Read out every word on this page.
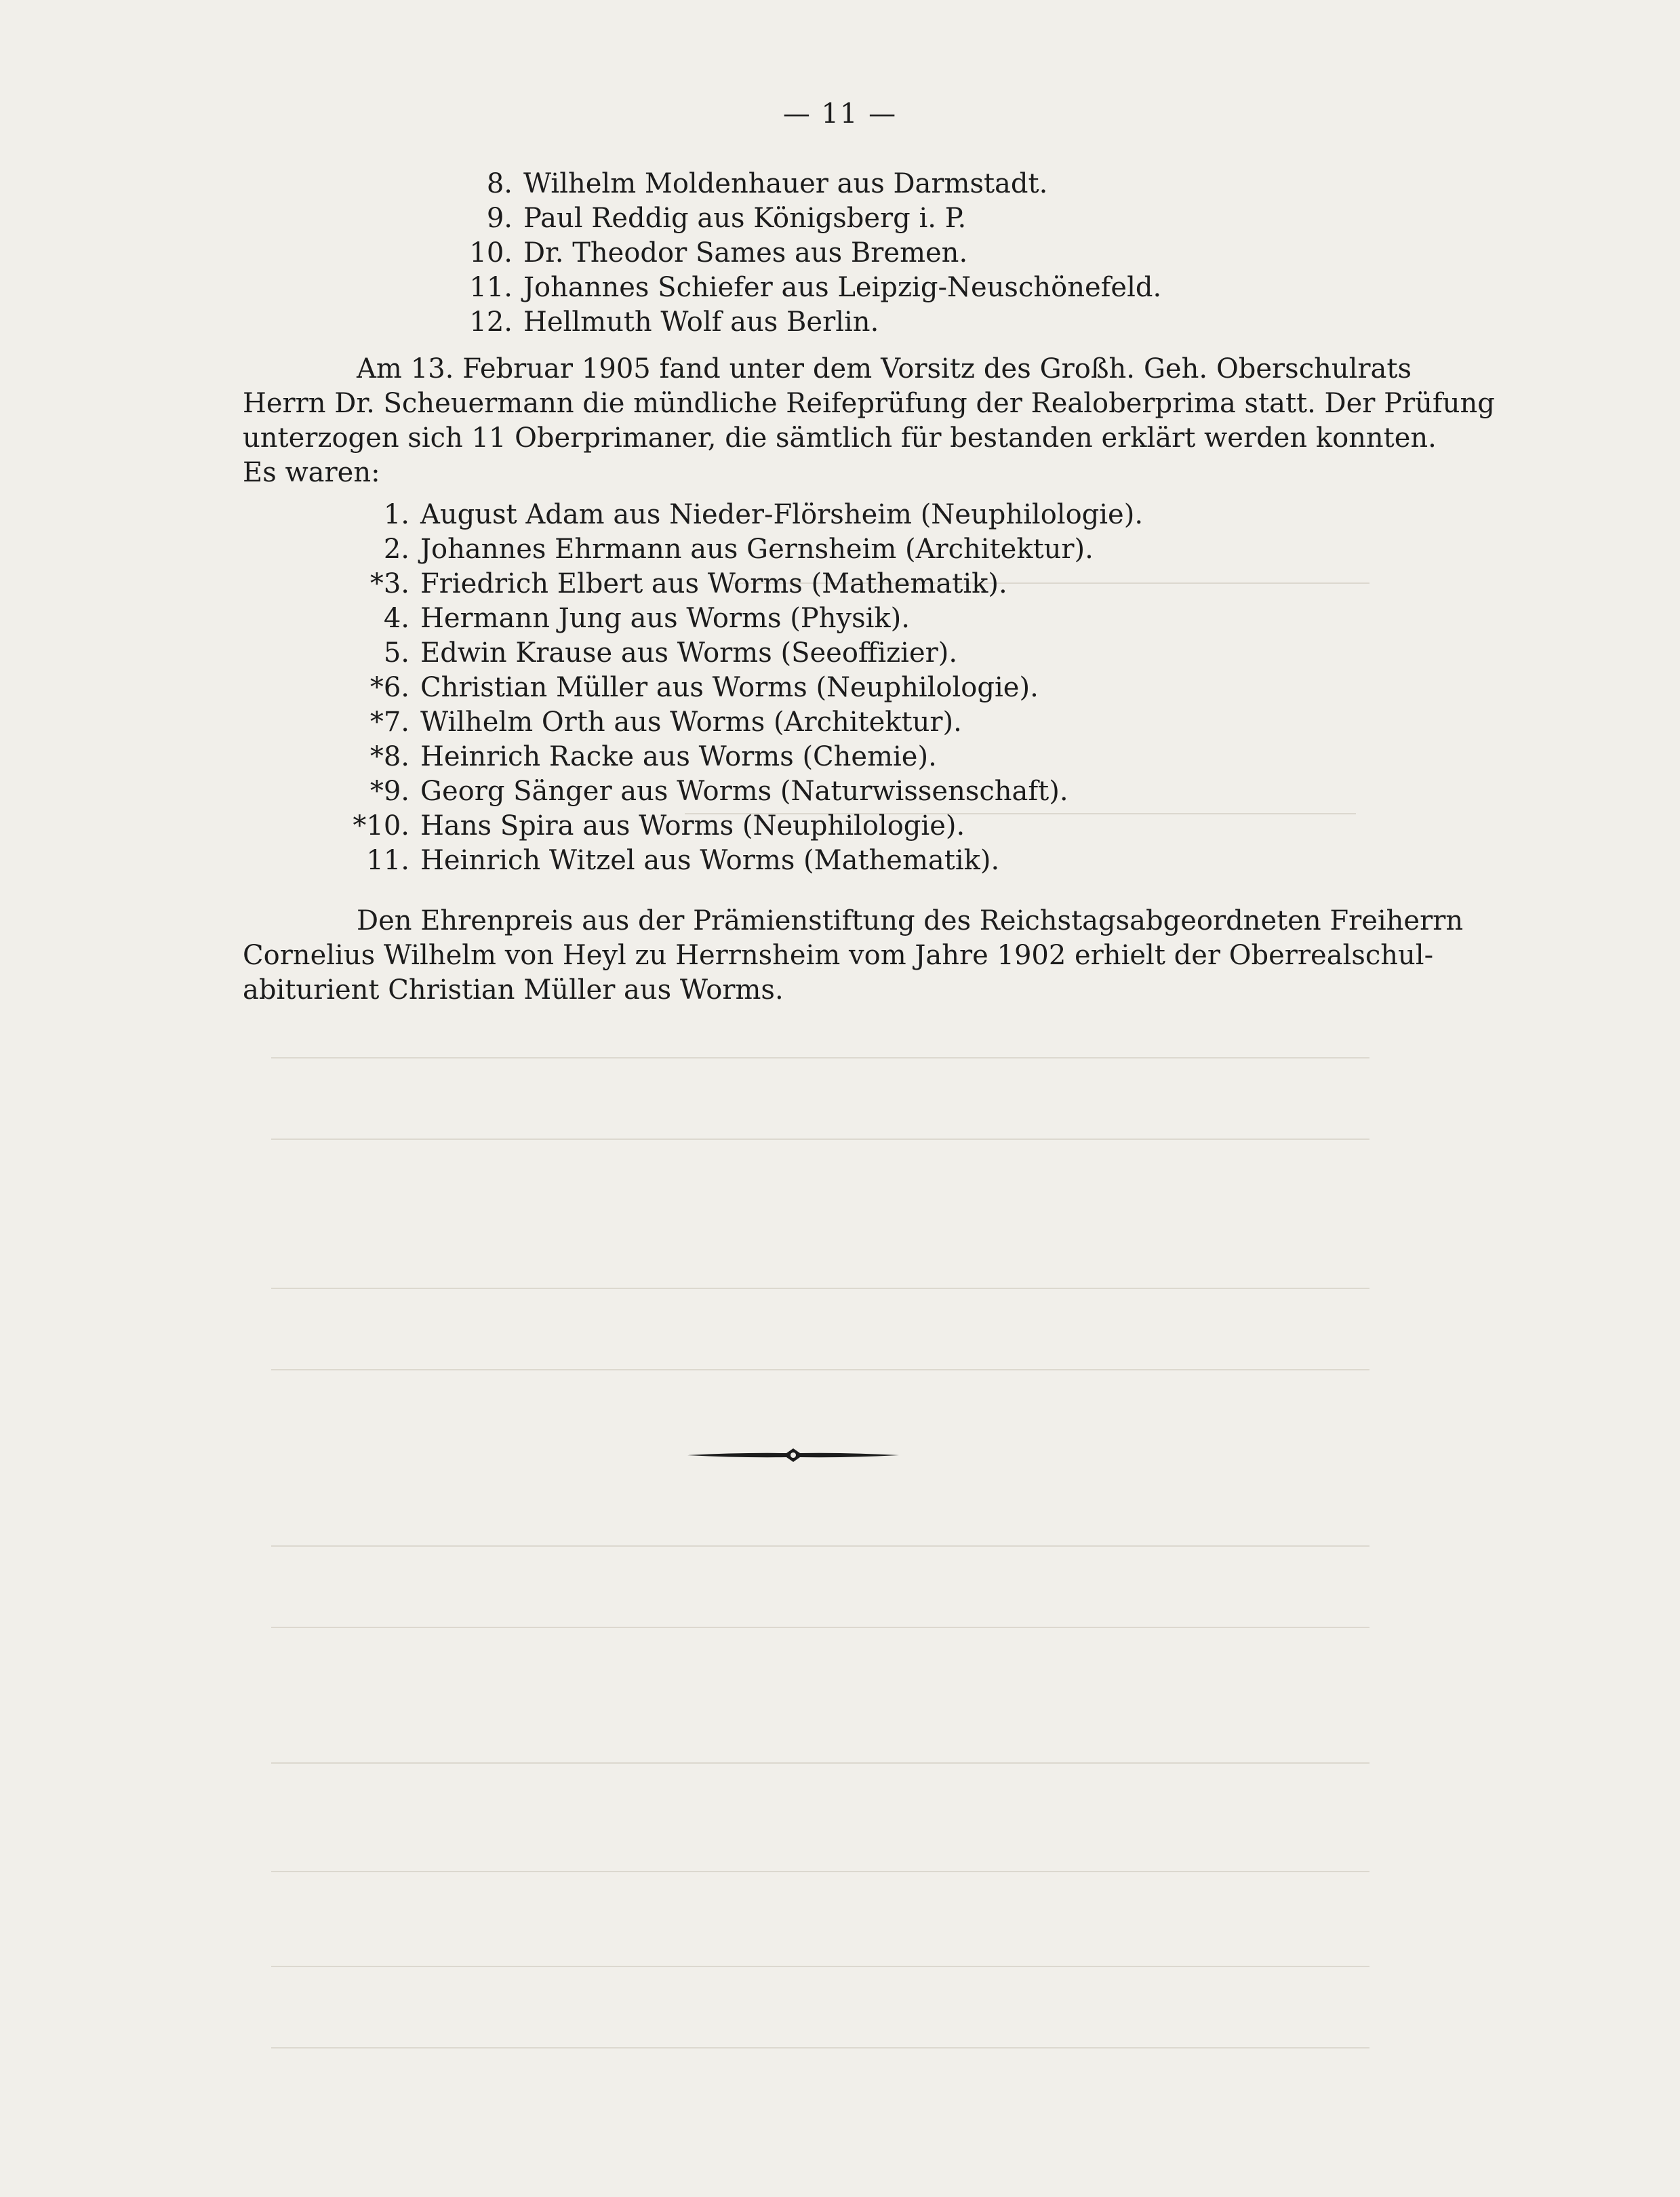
— 11 —
8. Wilhelm Moldenhauer aus Darmstadt.
9. Paul Reddig aus Königsberg i. P.
10. Dr. Theodor Sames aus Bremen.
11. Johannes Schiefer aus Leipzig-Neuschönefeld.
12. Hellmuth Wolf aus Berlin.
Am 13. Februar 1905 fand unter dem Vorsitz des Großh. Geh. Oberschulrats
Herrn Dr. Scheuermann die mündliche Reifeprüfung der Realoberprima statt. Der Prüfung
unterzogen sich 11 Oberprimaner, die sämtlich für bestanden erklärt werden konnten.
Es waren:
1. August Adam aus Nieder-Flörsheim (Neuphilologie).
2. Johannes Ehrmann aus Gernsheim (Architektur).
*3. Friedrich Elbert aus Worms (Mathematik).
4. Hermann Jung aus Worms (Physik).
5. Edwin Krause aus Worms (Seeoffizier).
*6. Christian Müller aus Worms (Neuphilologie).
*7. Wilhelm Orth aus Worms (Architektur).
*8. Heinrich Racke aus Worms (Chemie).
*9. Georg Sänger aus Worms (Naturwissenschaft).
*10. Hans Spira aus Worms (Neuphilologie).
11. Heinrich Witzel aus Worms (Mathematik).
Den Ehrenpreis aus der Prämienstiftung des Reichstagsabgeordneten Freiherrn
Cornelius Wilhelm von Heyl zu Herrnsheim vom Jahre 1902 erhielt der Oberrealschul-
abiturient Christian Müller aus Worms.
